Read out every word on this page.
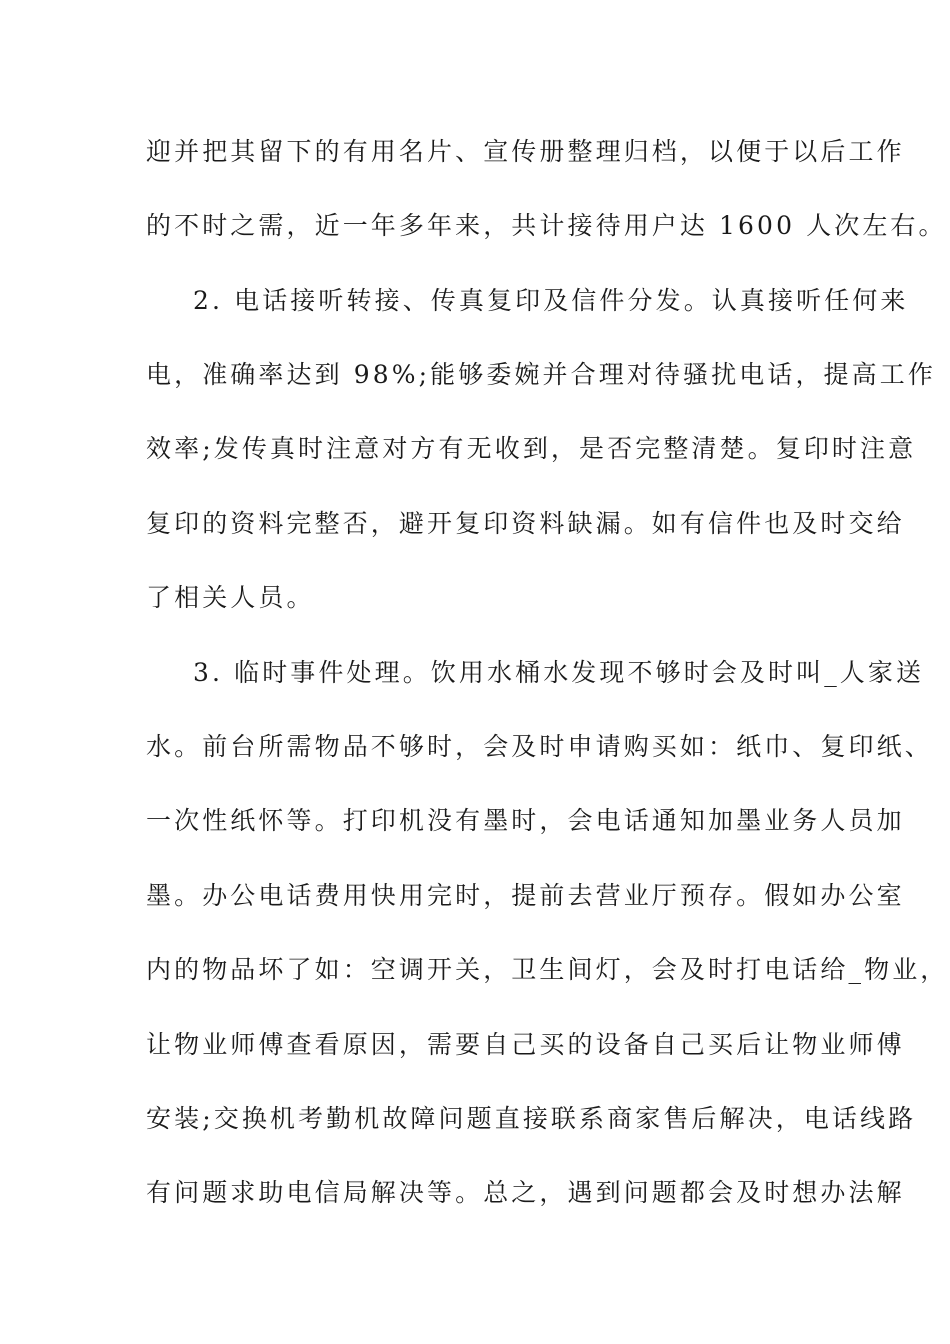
迎并把其留下的有用名片、宣传册整理归档，以便于以后工作
的不时之需，近一年多年来，共计接待用户达 1600 人次左右。
2. 电话接听转接、传真复印及信件分发。认真接听任何来
电，准确率达到 98%;能够委婉并合理对待骚扰电话，提高工作
效率;发传真时注意对方有无收到，是否完整清楚。复印时注意
复印的资料完整否，避开复印资料缺漏。如有信件也及时交给
了相关人员。
3. 临时事件处理。饮用水桶水发现不够时会及时叫_人家送
水。前台所需物品不够时，会及时申请购买如：纸巾、复印纸、
一次性纸怀等。打印机没有墨时，会电话通知加墨业务人员加
墨。办公电话费用快用完时，提前去营业厅预存。假如办公室
内的物品坏了如：空调开关，卫生间灯，会及时打电话给_物业，
让物业师傅查看原因，需要自己买的设备自己买后让物业师傅
安装;交换机考勤机故障问题直接联系商家售后解决，电话线路
有问题求助电信局解决等。总之，遇到问题都会及时想办法解
